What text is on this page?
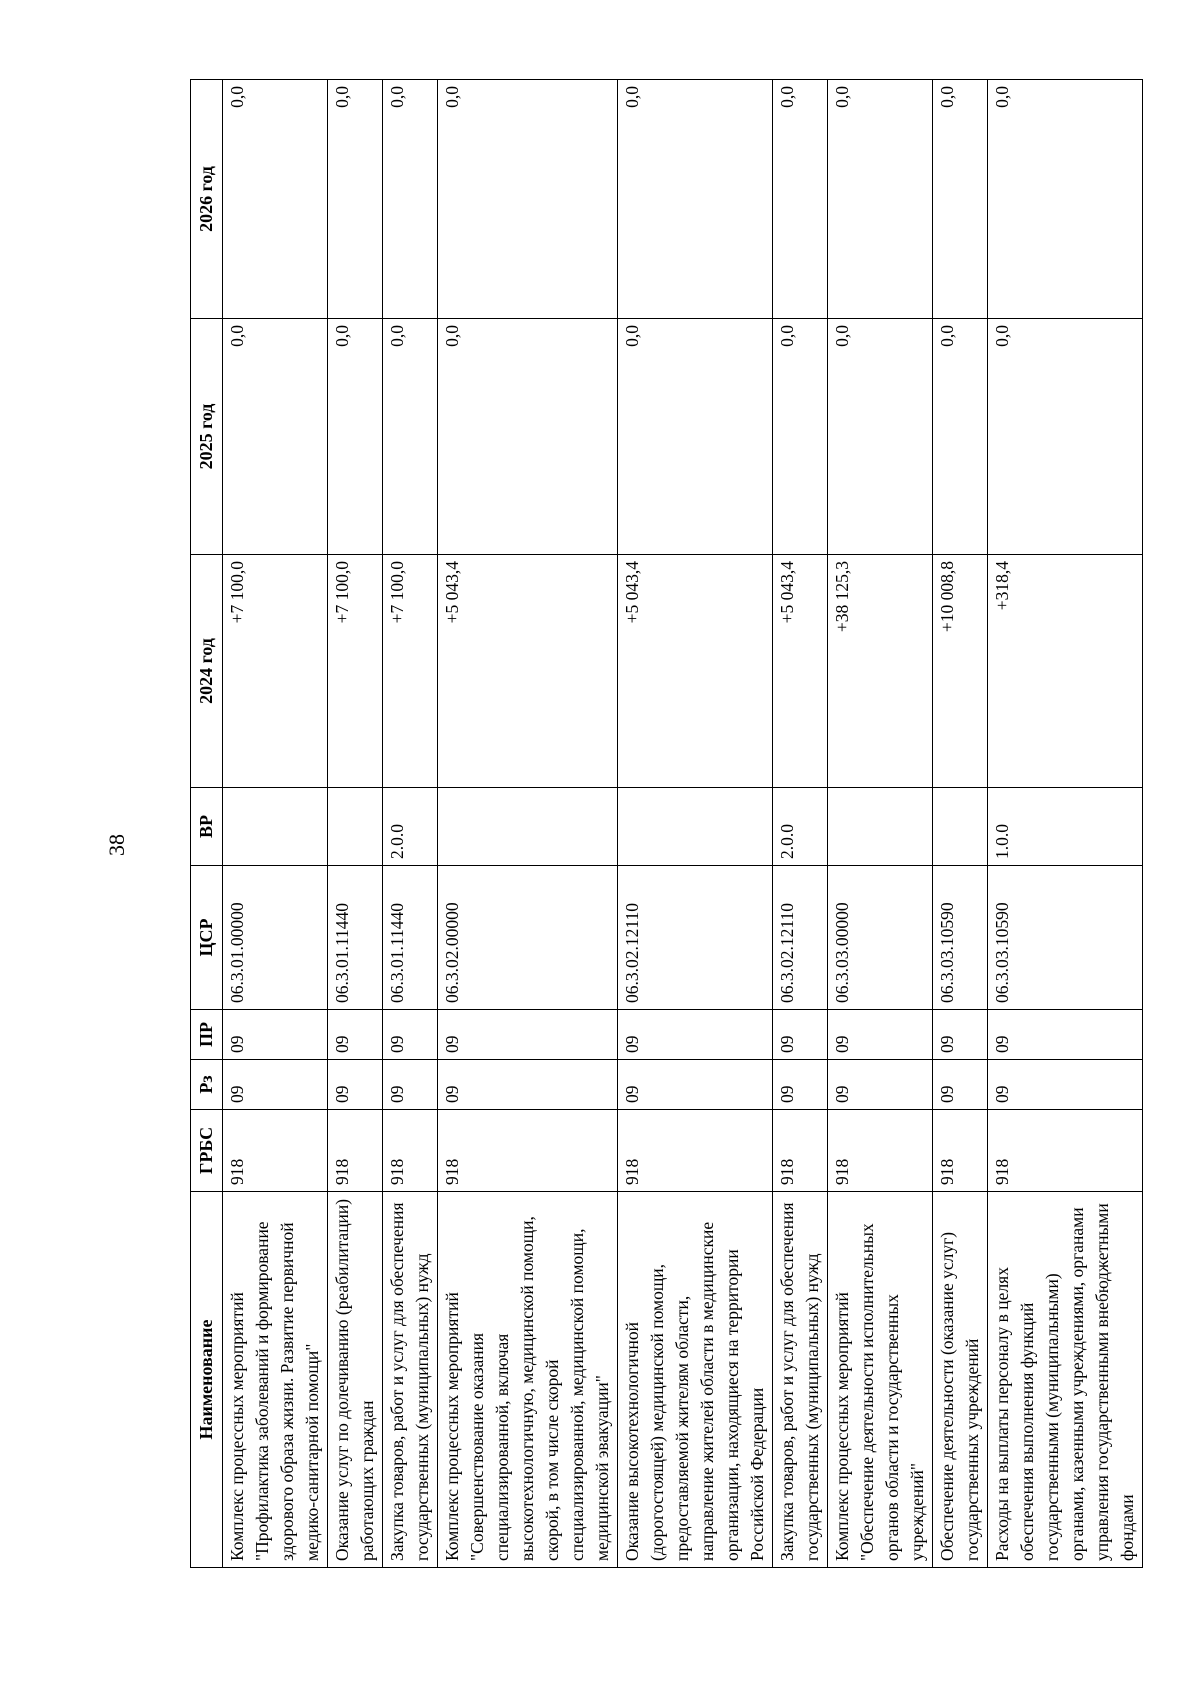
38
Наименование	ГРБС	Рз	ПР	ЦСР	ВР	2024 год	2025 год	2026 год
Комплекс процессных мероприятий "Профилактика заболеваний и формирование здорового образа жизни. Развитие первичной медико-санитарной помощи"	918	09	09	06.3.01.00000		+7 100,0	0,0	0,0
Оказание услуг по долечиванию (реабилитации) работающих граждан	918	09	09	06.3.01.11440		+7 100,0	0,0	0,0
Закупка товаров, работ и услуг для обеспечения государственных (муниципальных) нужд	918	09	09	06.3.01.11440	2.0.0	+7 100,0	0,0	0,0
Комплекс процессных мероприятий "Совершенствование оказания специализированной, включая высокотехнологичную, медицинской помощи, скорой, в том числе скорой специализированной, медицинской помощи, медицинской эвакуации"	918	09	09	06.3.02.00000		+5 043,4	0,0	0,0
Оказание высокотехнологичной (дорогостоящей) медицинской помощи, предоставляемой жителям области, направление жителей области в медицинские организации, находящиеся на территории Российской Федерации	918	09	09	06.3.02.12110		+5 043,4	0,0	0,0
Закупка товаров, работ и услуг для обеспечения государственных (муниципальных) нужд	918	09	09	06.3.02.12110	2.0.0	+5 043,4	0,0	0,0
Комплекс процессных мероприятий "Обеспечение деятельности исполнительных органов области и государственных учреждений"	918	09	09	06.3.03.00000		+38 125,3	0,0	0,0
Обеспечение деятельности (оказание услуг) государственных учреждений	918	09	09	06.3.03.10590		+10 008,8	0,0	0,0
Расходы на выплаты персоналу в целях обеспечения выполнения функций государственными (муниципальными) органами, казенными учреждениями, органами управления государственными внебюджетными фондами	918	09	09	06.3.03.10590	1.0.0	+318,4	0,0	0,0
